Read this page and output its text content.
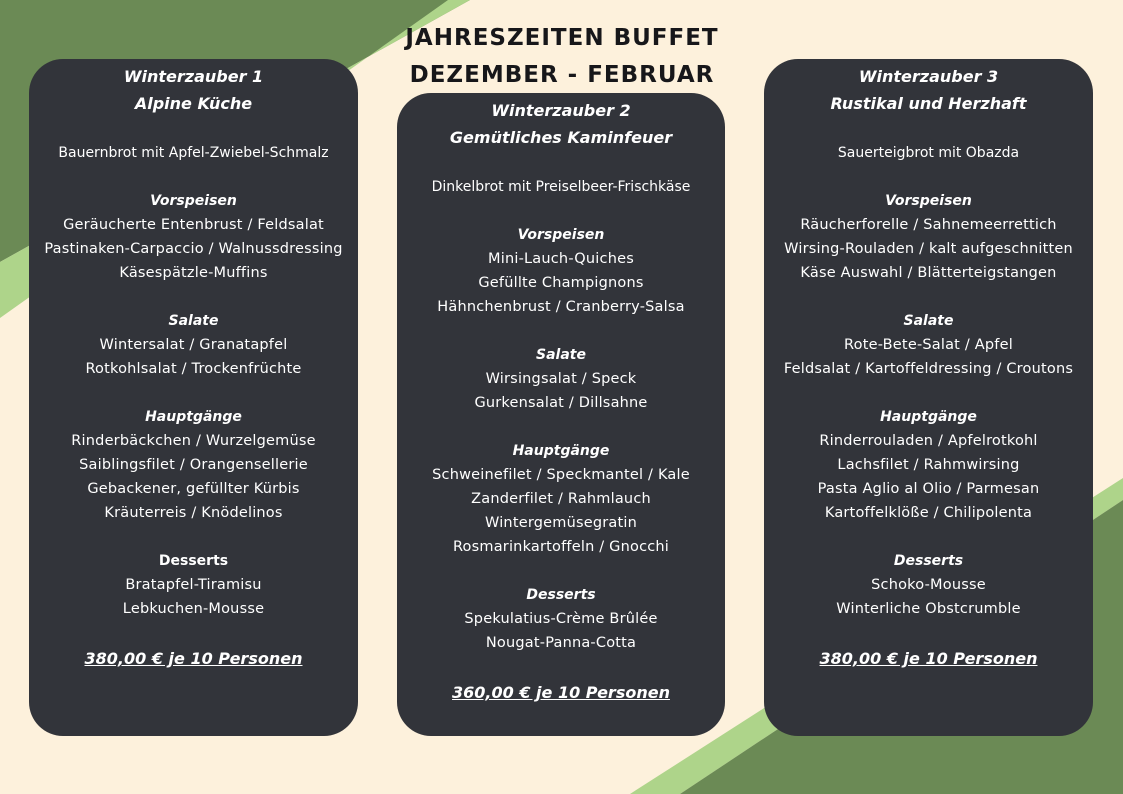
JAHRESZEITEN BUFFET
DEZEMBER - FEBRUAR
Winterzauber 1
Alpine Küche
Bauernbrot mit Apfel-Zwiebel-Schmalz
Vorspeisen
Geräucherte Entenbrust / Feldsalat
Pastinaken-Carpaccio / Walnussdressing
Käsespätzle-Muffins
Salate
Wintersalat / Granatapfel
Rotkohlsalat / Trockenfrüchte
Hauptgänge
Rinderbäckchen / Wurzelgemüse
Saiblingsfilet / Orangensellerie
Gebackener, gefüllter Kürbis
Kräuterreis / Knödelinos
Desserts
Bratapfel-Tiramisu
Lebkuchen-Mousse
380,00 € je 10 Personen
Winterzauber 2
Gemütliches Kaminfeuer
Dinkelbrot mit Preiselbeer-Frischkäse
Vorspeisen
Mini-Lauch-Quiches
Gefüllte Champignons
Hähnchenbrust / Cranberry-Salsa
Salate
Wirsingsalat / Speck
Gurkensalat / Dillsahne
Hauptgänge
Schweinefilet / Speckmantel / Kale
Zanderfilet / Rahmlauch
Wintergemüsegratin
Rosmarinkartoffeln / Gnocchi
Desserts
Spekulatius-Crème Brûlée
Nougat-Panna-Cotta
360,00 € je 10 Personen
Winterzauber 3
Rustikal und Herzhaft
Sauerteigbrot mit Obazda
Vorspeisen
Räucherforelle / Sahnemeerrettich
Wirsing-Rouladen / kalt aufgeschnitten
Käse Auswahl / Blätterteigstangen
Salate
Rote-Bete-Salat / Apfel
Feldsalat / Kartoffeldressing / Croutons
Hauptgänge
Rinderrouladen / Apfelrotkohl
Lachsfilet / Rahmwirsing
Pasta Aglio al Olio / Parmesan
Kartoffelklöße / Chilipolenta
Desserts
Schoko-Mousse
Winterliche Obstcrumble
380,00 € je 10 Personen
